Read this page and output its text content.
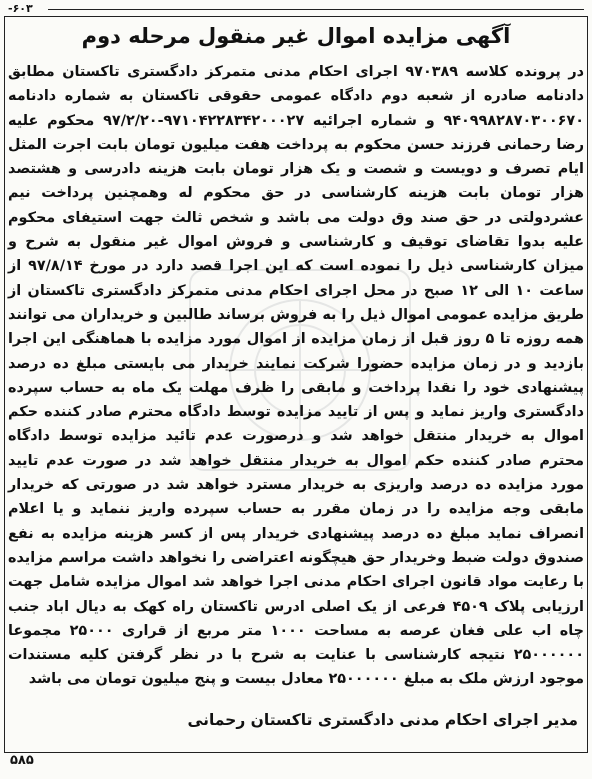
۶۰۳-
آگهی مزایده اموال غیر منقول مرحله دوم
در پرونده کلاسه ۹۷۰۳۸۹ اجرای احکام مدنی متمرکز دادگستری تاکستان مطابق دادنامه صادره از شعبه دوم دادگاه عمومی حقوقی تاکستان به شماره دادنامه ۹۴۰۹۹۸۲۸۷۰۳۰۰۶۷۰ و شماره اجرائیه ۹۷۱۰۴۲۲۸۳۴۲۰۰۰۲۷-۹۷/۲/۲۰ محکوم علیه رضا رحمانی فرزند حسن محکوم به پرداخت هفت میلیون تومان بابت اجرت المثل ایام تصرف و دویست و شصت و یک هزار تومان بابت هزینه دادرسی و هشتصد هزار تومان بابت هزینه کارشناسی در حق محکوم له وهمچنین پرداخت نیم عشردولتی در حق صند وق دولت می باشد و شخص ثالث جهت استیفای محکوم علیه بدوا تقاضای توقیف و کارشناسی و فروش اموال غیر منقول به شرح و میزان کارشناسی ذیل را نموده است که این اجرا قصد دارد در مورخ ۹۷/۸/۱۴ از ساعت ۱۰ الی ۱۲ صبح در محل اجرای احکام مدنی متمرکز دادگستری تاکستان از طریق مزایده عمومی اموال ذیل را به فروش برساند طالبین و خریداران می توانند همه روزه تا ۵ روز قبل از زمان مزایده از اموال مورد مزایده با هماهنگی این اجرا بازدید و در زمان مزایده حضورا شرکت نمایند خریدار می بایستی مبلغ ده درصد پیشنهادی خود را نقدا پرداخت و مابقی را ظرف مهلت یک ماه به حساب سپرده دادگستری واریز نماید و پس از تایید مزایده توسط دادگاه محترم صادر کننده حکم اموال به خریدار منتقل خواهد شد و درصورت عدم تائید مزایده توسط دادگاه محترم صادر کننده حکم اموال به خریدار منتقل خواهد شد در صورت عدم تایید مورد مزایده ده درصد واریزی به خریدار مسترد خواهد شد در صورتی که خریدار مابقی وجه مزایده را در زمان مقرر به حساب سپرده واریز ننماید و یا اعلام انصراف نماید مبلغ ده درصد پیشنهادی خریدار پس از کسر هزینه مزایده به نفع صندوق دولت ضبط وخریدار حق هیچگونه اعتراضی را نخواهد داشت مراسم مزایده با رعایت مواد قانون اجرای احکام مدنی اجرا خواهد شد اموال مزایده شامل جهت ارزیابی پلاک ۴۵۰۹ فرعی از یک اصلی ادرس تاکستان راه کهک به دیال اباد جنب چاه اب علی فغان عرصه به مساحت ۱۰۰۰ متر مربع از قراری ۲۵۰۰۰ مجموعا ۲۵۰۰۰۰۰۰ نتیجه کارشناسی با عنایت به شرح با در نظر گرفتن کلیه مستندات موجود ارزش ملک به مبلغ ۲۵۰۰۰۰۰۰ معادل بیست و پنج میلیون تومان می باشد
مدیر اجرای احکام مدنی دادگستری تاکستان رحمانی
۵۸۵
